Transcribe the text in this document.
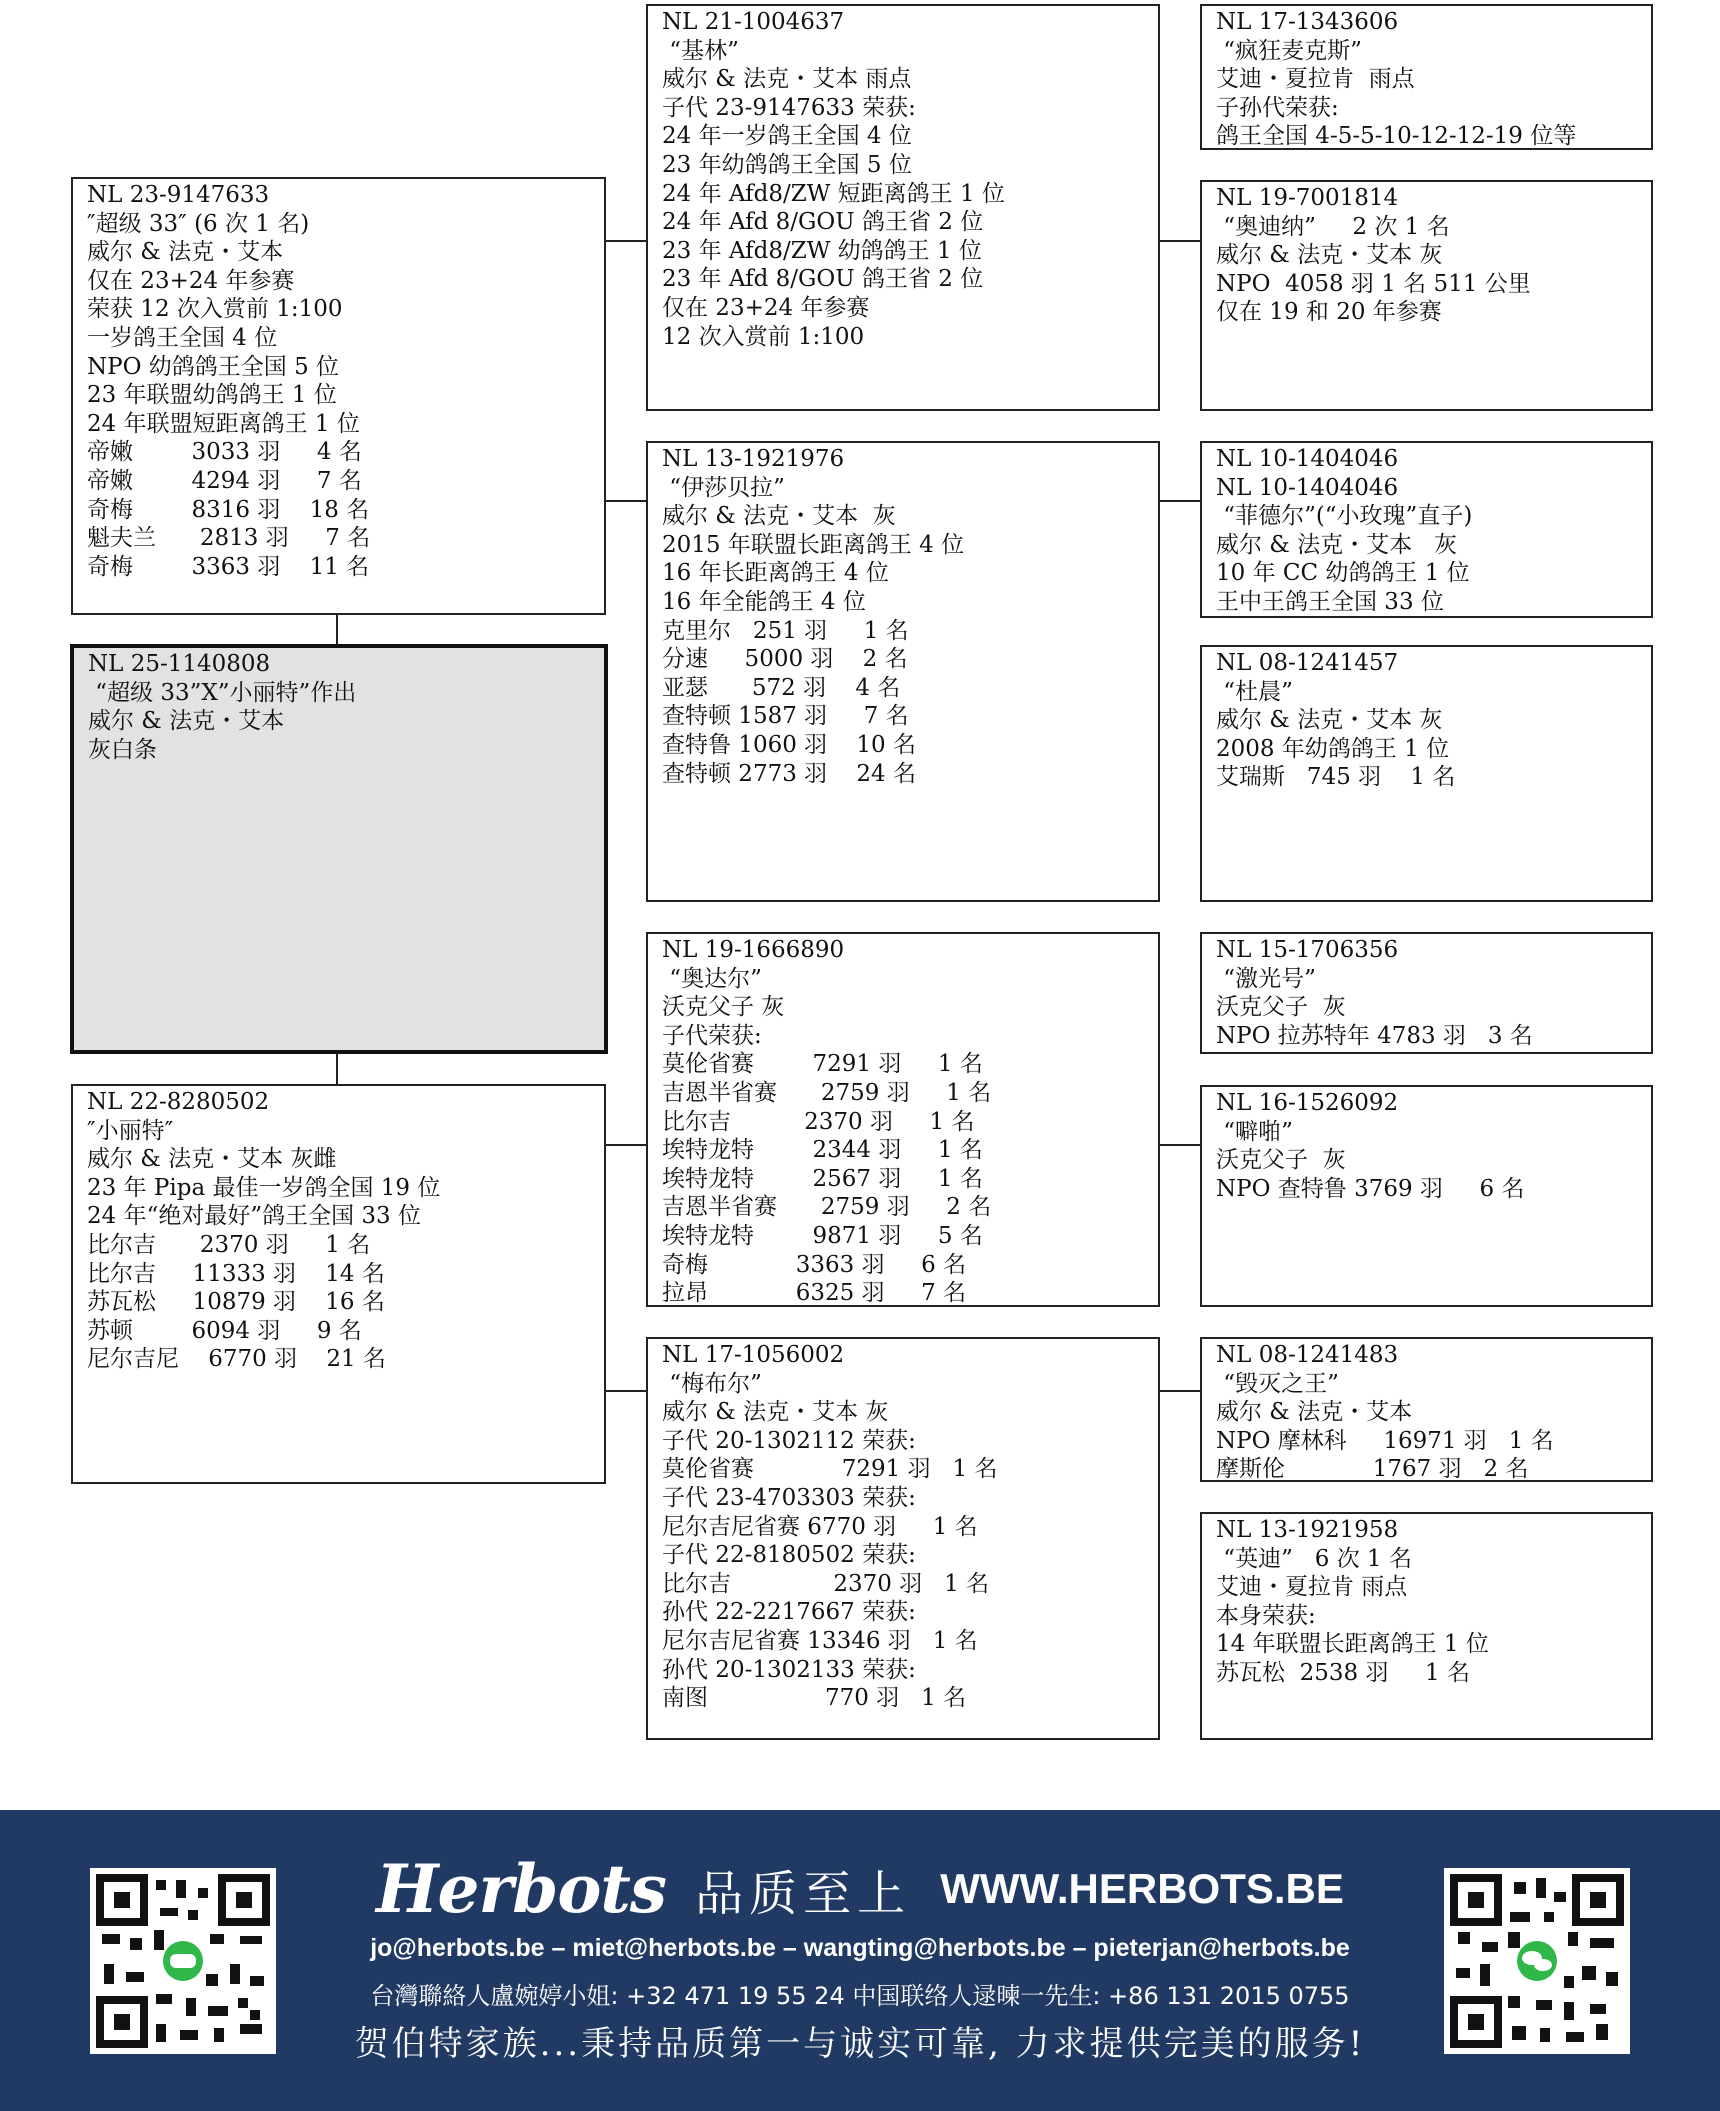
NL 23-9147633
″超级 33″ (6 次 1 名)
威尔 & 法克・艾本
仅在 23+24 年参赛
荣获 12 次入赏前 1:100
一岁鸽王全国 4 位
NPO 幼鸽鸽王全国 5 位
23 年联盟幼鸽鸽王 1 位
24 年联盟短距离鸽王 1 位
帝嫩        3033 羽     4 名
帝嫩        4294 羽     7 名
奇梅        8316 羽    18 名
魁夫兰      2813 羽     7 名
奇梅        3363 羽    11 名
NL 25-1140808
“超级 33”X”小丽特”作出
威尔 & 法克・艾本
灰白条
NL 22-8280502
″小丽特″
威尔 & 法克・艾本 灰雌
23 年 Pipa 最佳一岁鸽全国 19 位
24 年“绝对最好”鸽王全国 33 位
比尔吉      2370 羽     1 名
比尔吉     11333 羽    14 名
苏瓦松     10879 羽    16 名
苏顿        6094 羽     9 名
尼尔吉尼    6770 羽    21 名
NL 21-1004637
“基林”
威尔 & 法克・艾本 雨点
子代 23-9147633 荣获:
24 年一岁鸽王全国 4 位
23 年幼鸽鸽王全国 5 位
24 年 Afd8/ZW 短距离鸽王 1 位
24 年 Afd 8/GOU 鸽王省 2 位
23 年 Afd8/ZW 幼鸽鸽王 1 位
23 年 Afd 8/GOU 鸽王省 2 位
仅在 23+24 年参赛
12 次入赏前 1:100
NL 13-1921976
“伊莎贝拉”
威尔 & 法克・艾本  灰
2015 年联盟长距离鸽王 4 位
16 年长距离鸽王 4 位
16 年全能鸽王 4 位
克里尔   251 羽     1 名
分速     5000 羽    2 名
亚瑟      572 羽    4 名
查特顿 1587 羽     7 名
查特鲁 1060 羽    10 名
查特顿 2773 羽    24 名
NL 19-1666890
“奥达尔”
沃克父子 灰
子代荣获:
莫伦省赛        7291 羽     1 名
吉恩半省赛      2759 羽     1 名
比尔吉          2370 羽     1 名
埃特龙特        2344 羽     1 名
埃特龙特        2567 羽     1 名
吉恩半省赛      2759 羽     2 名
埃特龙特        9871 羽     5 名
奇梅            3363 羽     6 名
拉昂            6325 羽     7 名
NL 17-1056002
“梅布尔”
威尔 & 法克・艾本 灰
子代 20-1302112 荣获:
莫伦省赛            7291 羽   1 名
子代 23-4703303 荣获:
尼尔吉尼省赛 6770 羽     1 名
子代 22-8180502 荣获:
比尔吉              2370 羽   1 名
孙代 22-2217667 荣获:
尼尔吉尼省赛 13346 羽   1 名
孙代 20-1302133 荣获:
南图                770 羽   1 名
NL 17-1343606
“疯狂麦克斯”
艾迪・夏拉肯  雨点
子孙代荣获:
鸽王全国 4-5-5-10-12-12-19 位等
NL 19-7001814
“奥迪纳”     2 次 1 名
威尔 & 法克・艾本 灰
NPO  4058 羽 1 名 511 公里
仅在 19 和 20 年参赛
NL 10-1404046
NL 10-1404046
“菲德尔”(“小玫瑰”直子)
威尔 & 法克・艾本   灰
10 年 CC 幼鸽鸽王 1 位
王中王鸽王全国 33 位
NL 08-1241457
“杜晨”
威尔 & 法克・艾本 灰
2008 年幼鸽鸽王 1 位
艾瑞斯   745 羽    1 名
NL 15-1706356
“激光号”
沃克父子  灰
NPO 拉苏特年 4783 羽   3 名
NL 16-1526092
“噼啪”
沃克父子  灰
NPO 查特鲁 3769 羽     6 名
NL 08-1241483
“毁灭之王”
威尔 & 法克・艾本
NPO 摩林科     16971 羽   1 名
摩斯伦            1767 羽   2 名
NL 13-1921958
“英迪”   6 次 1 名
艾迪・夏拉肯 雨点
本身荣获:
14 年联盟长距离鸽王 1 位
苏瓦松  2538 羽     1 名
Herbots 品质至上 WWW.HERBOTS.BE
jo@herbots.be – miet@herbots.be – wangting@herbots.be – pieterjan@herbots.be
台灣聯絡人盧婉婷小姐: +32 471 19 55 24 中国联络人逯暕一先生: +86 131 2015 0755
贺伯特家族...秉持品质第一与诚实可靠, 力求提供完美的服务!
